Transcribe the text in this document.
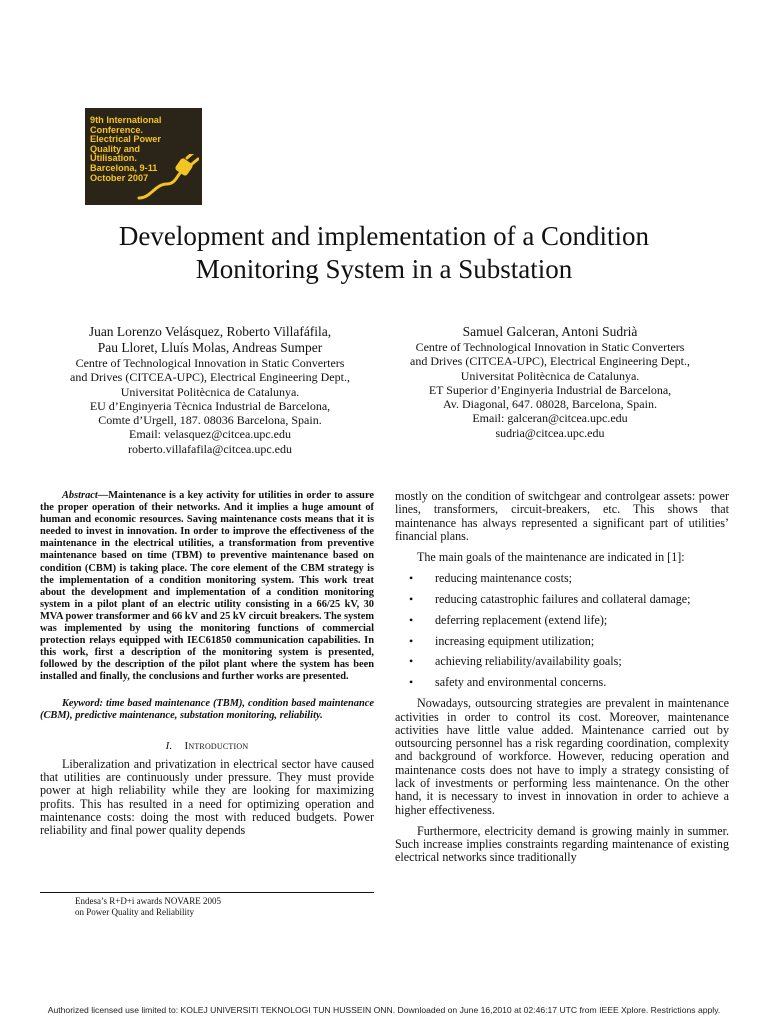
9th International
Conference.
Electrical Power
Quality and Utilisation.
Barcelona, 9-11
October 2007
Development and implementation of a Condition
Monitoring System in a Substation
Juan Lorenzo Velásquez, Roberto Villafáfila,
Pau Lloret, Lluís Molas, Andreas Sumper
Centre of Technological Innovation in Static Converters
and Drives (CITCEA-UPC), Electrical Engineering Dept.,
Universitat Politècnica de Catalunya.
EU d’Enginyeria Tècnica Industrial de Barcelona,
Comte d’Urgell, 187. 08036 Barcelona, Spain.
Email: velasquez@citcea.upc.edu
roberto.villafafila@citcea.upc.edu
Samuel Galceran, Antoni Sudrià
Centre of Technological Innovation in Static Converters
and Drives (CITCEA-UPC), Electrical Engineering Dept.,
Universitat Politècnica de Catalunya.
ET Superior d’Enginyeria Industrial de Barcelona,
Av. Diagonal, 647. 08028, Barcelona, Spain.
Email: galceran@citcea.upc.edu
sudria@citcea.upc.edu

Abstract—Maintenance is a key activity for utilities in order to assure the proper operation of their networks. And it implies a huge amount of human and economic resources. Saving maintenance costs means that it is needed to invest in innovation. In order to improve the effectiveness of the maintenance in the electrical utilities, a transformation from preventive maintenance based on time (TBM) to preventive maintenance based on condition (CBM) is taking place. The core element of the CBM strategy is the implementation of a condition monitoring system. This work treat about the development and implementation of a condition monitoring system in a pilot plant of an electric utility consisting in a 66/25 kV, 30 MVA power transformer and 66 kV and 25 kV circuit breakers. The system was implemented by using the monitoring functions of commercial protection relays equipped with IEC61850 communication capabilities. In this work, first a description of the monitoring system is presented, followed by the description of the pilot plant where the system has been installed and finally, the conclusions and further works are presented.

Keyword: time based maintenance (TBM), condition based maintenance (CBM), predictive maintenance, substation monitoring, reliability.

I. Introduction

Liberalization and privatization in electrical sector have caused that utilities are continuously under pressure. They must provide power at high reliability while they are looking for maximizing profits. This has resulted in a need for optimizing operation and maintenance costs: doing the most with reduced budgets. Power reliability and final power quality depends

mostly on the condition of switchgear and controlgear assets: power lines, transformers, circuit-breakers, etc. This shows that maintenance has always represented a significant part of utilities’ financial plans.

The main goals of the maintenance are indicated in [1]:

• reducing maintenance costs;
• reducing catastrophic failures and collateral damage;
• deferring replacement (extend life);
• increasing equipment utilization;
• achieving reliability/availability goals;
• safety and environmental concerns.

Nowadays, outsourcing strategies are prevalent in maintenance activities in order to control its cost. Moreover, maintenance activities have little value added. Maintenance carried out by outsourcing personnel has a risk regarding coordination, complexity and background of workforce. However, reducing operation and maintenance costs does not have to imply a strategy consisting of lack of investments or performing less maintenance. On the other hand, it is necessary to invest in innovation in order to achieve a higher effectiveness.

Furthermore, electricity demand is growing mainly in summer. Such increase implies constraints regarding maintenance of existing electrical networks since traditionally

Endesa’s R+D+i awards NOVARE 2005
on Power Quality and Reliability
Authorized licensed use limited to: KOLEJ UNIVERSITI TEKNOLOGI TUN HUSSEIN ONN. Downloaded on June 16,2010 at 02:46:17 UTC from IEEE Xplore. Restrictions apply.
